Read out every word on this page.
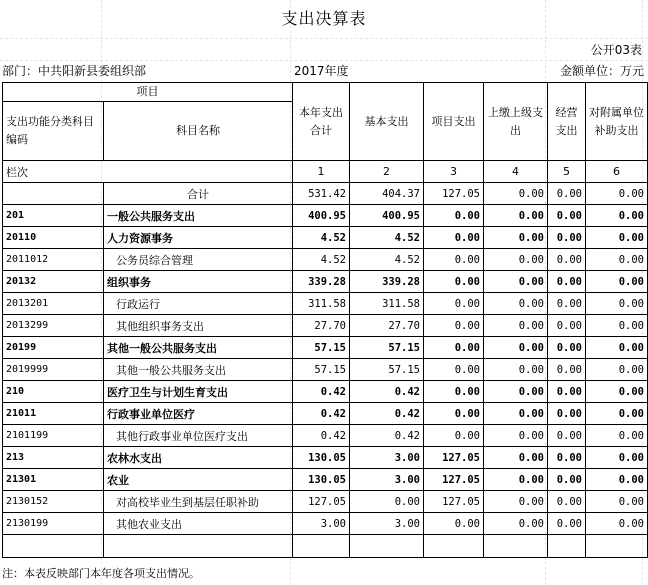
支出决算表
公开03表
部门：中共阳新县委组织部	2017年度	金额单位：万元
项目		本年支出合计	基本支出	项目支出	上缴上级支出	经营支出	对附属单位补助支出
支出功能分类科目编码	科目名称						
栏次		1	2	3	4	5	6
	合计	531.42	404.37	127.05	0.00	0.00	0.00
201	一般公共服务支出	400.95	400.95	0.00	0.00	0.00	0.00
20110	人力资源事务	4.52	4.52	0.00	0.00	0.00	0.00
2011012	公务员综合管理	4.52	4.52	0.00	0.00	0.00	0.00
20132	组织事务	339.28	339.28	0.00	0.00	0.00	0.00
2013201	行政运行	311.58	311.58	0.00	0.00	0.00	0.00
2013299	其他组织事务支出	27.70	27.70	0.00	0.00	0.00	0.00
20199	其他一般公共服务支出	57.15	57.15	0.00	0.00	0.00	0.00
2019999	其他一般公共服务支出	57.15	57.15	0.00	0.00	0.00	0.00
210	医疗卫生与计划生育支出	0.42	0.42	0.00	0.00	0.00	0.00
21011	行政事业单位医疗	0.42	0.42	0.00	0.00	0.00	0.00
2101199	其他行政事业单位医疗支出	0.42	0.42	0.00	0.00	0.00	0.00
213	农林水支出	130.05	3.00	127.05	0.00	0.00	0.00
21301	农业	130.05	3.00	127.05	0.00	0.00	0.00
2130152	对高校毕业生到基层任职补助	127.05	0.00	127.05	0.00	0.00	0.00
2130199	其他农业支出	3.00	3.00	0.00	0.00	0.00	0.00

注：本表反映部门本年度各项支出情况。
